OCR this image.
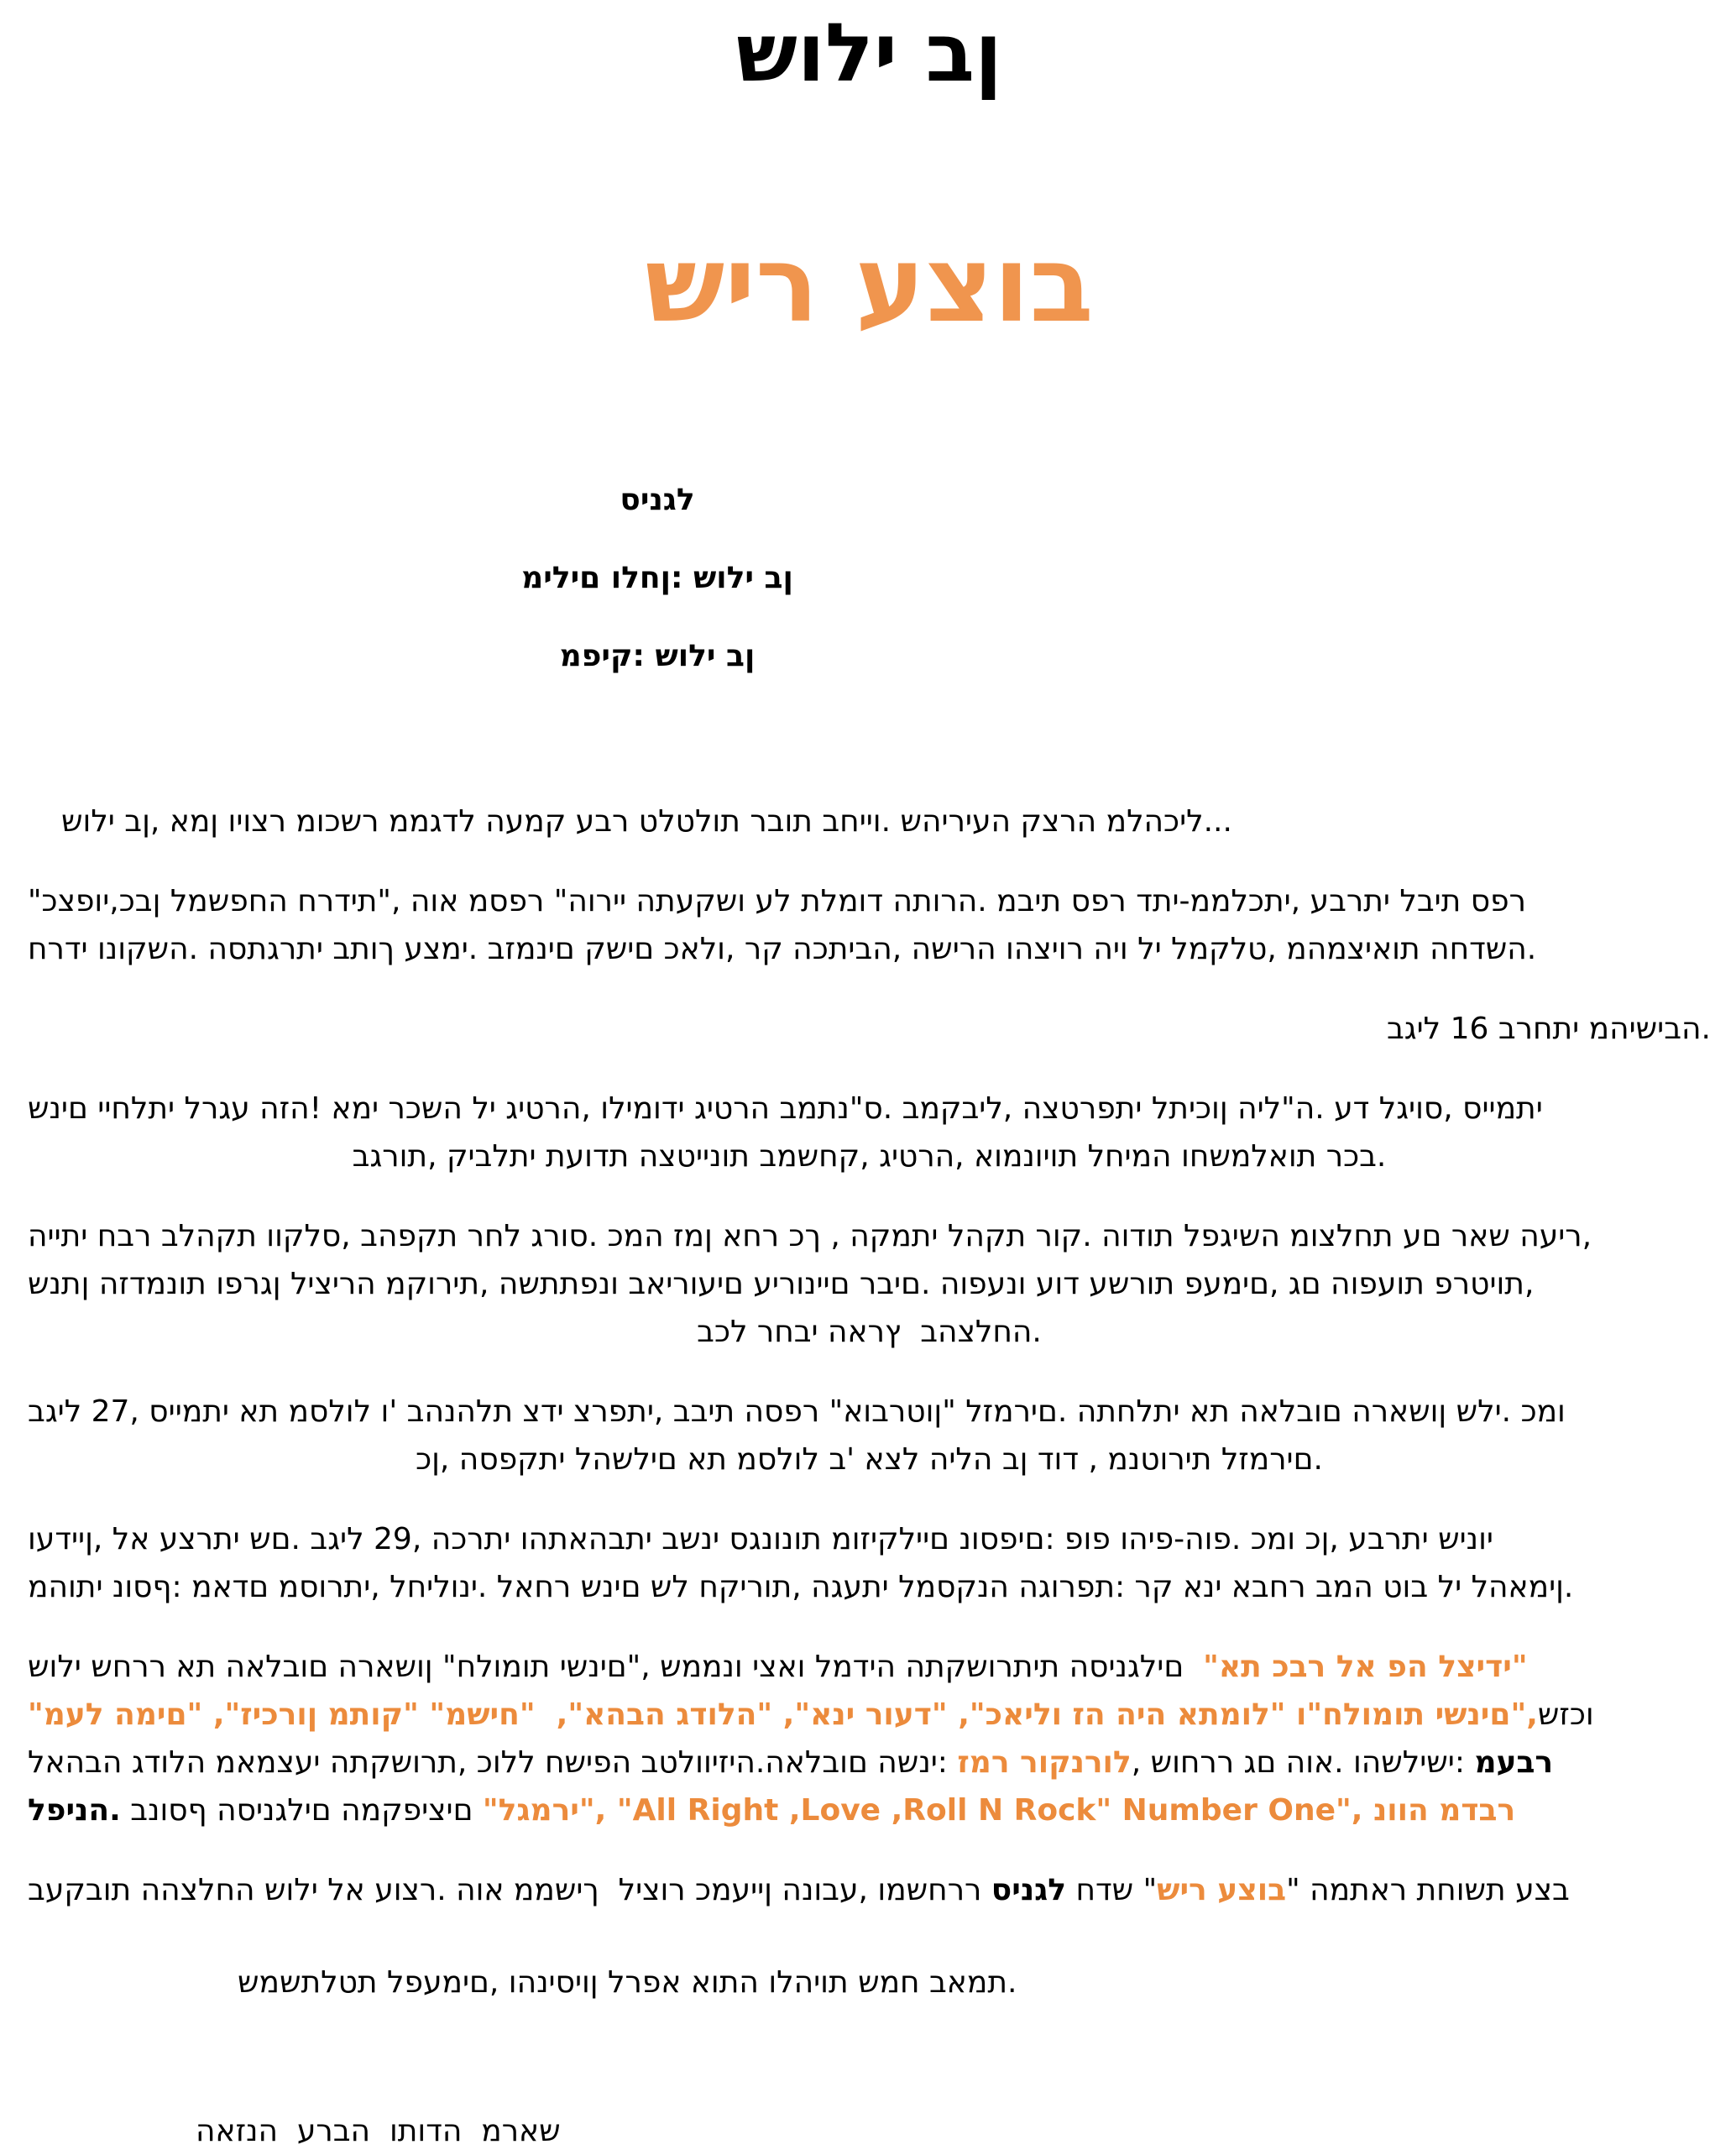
שולי בן
שיר עצוב
סינגל
מילים ולחן: שולי בן
מפיק: שולי בן
שולי בן, אמן ויוצר מוכשר ממגדל העמק עבר טלטלות רבות בחייו. שהיריעה קצרה מלהכיל...
"כצפוי,כבן למשפחה חרדית", הוא מספר "הוריי התעקשו על תלמוד התורה. מבית ספר דתי-ממלכתי, עברתי לבית ספר
חרדי ונוקשה. הסתגרתי בתוך עצמי. בזמנים קשים כאלו, רק הכתיבה, השירה והציור היו לי למקלט, מהמציאות החדשה.
בגיל 16 ברחתי מהישיבה.
שנים ייחלתי לרגע הזה! אמי רכשה לי גיטרה, ולימודי גיטרה במתנ"ס. במקביל, הצטרפתי לתיכון היל"ה. עד לגיוס, סיימתי
בגרות, קיבלתי תעודת הצטיינות במשחק, גיטרה, אומנויות לחימה וחשמלאות רכב.
הייתי חבר בלהקת ווקלס, בהפקת רחל גרוס. כמה זמן אחר כך , הקמתי להקת רוק. הודות לפגישה מוצלחת עם ראש העיר,
שנתן הזדמנות ופרגן ליצירה מקורית, השתתפנו באירועים עירוניים רבים. הופענו עוד עשרות פעמים, גם הופעות פרטיות,
בכל רחבי הארץ  בהצלחה.
בגיל 27, סיימתי את מסלול ו' בהנהלת צדי צרפתי, בבית הספר "אוברטון" לזמרים. התחלתי את האלבום הראשון שלי. כמו
כן, הספקתי להשלים את מסלול ב' אצל הילה בן דוד , מנטורית לזמרים.
ועדיין, לא עצרתי שם. בגיל 29, הכרתי והתאהבתי בשני סגנונות מוזיקליים נוספים: פופ והיפ-הופ. כמו כן, עברתי שינוי
מהותי נוסף: מאדם מסורתי, לחילוני. לאחר שנים של חקירות, הגעתי למסקנה הגורפת: רק אני אבחר במה טוב לי להאמין.
שולי שחרר את האלבום הראשון "חלומות ישנים", שממנו יצאו למדיה התקשורתית הסינגלים  "את כבר לא פה לצידי"
"מעל המים" ,"זיכרון מתוק" "משיח"  ,"אהבה גדולה" ,"אני רועד" ,"כאילו זה היה אתמול" ו"חלומות ישנים",שזכו
לאהבה גדולה מאמצעי התקשורת, כולל חשיפה בטלוויזיה.האלבום השני: זמר רוקנרול, שוחרר גם הוא. והשלישי: מעבר
לפינה. בנוסף הסינגלים המקפיצים "לגמרי", "All Right ,Love ,Roll N Rock" Number One", נווה מדבר
בעקבות ההצלחה שולי לא עוצר. הוא ממשיך  ליצור כמעיין הנובע, ומשחרר סינגל חדש "שיר עצוב" המתאר תחושת עצב
שמשתלטת לפעמים, והניסיון לרפא אותה ולהיות שמח באמת.
האזנה  ערבה  ותודה  מראש
